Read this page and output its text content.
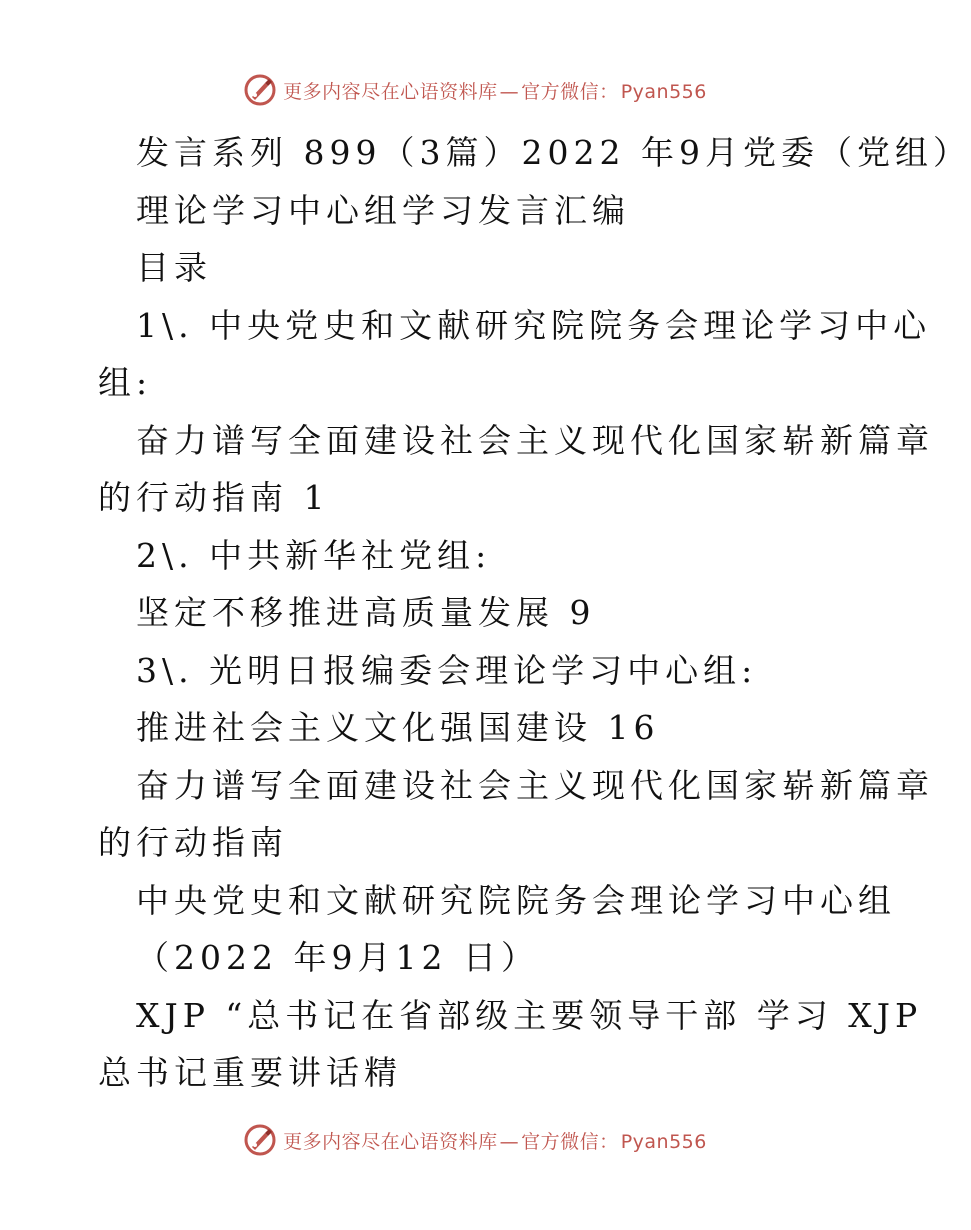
更多内容尽在心语资料库 — 官方微信： Pyan556
发言系列 899（3篇）2022 年9月党委（党组）
理论学习中心组学习发言汇编
目录
1\. 中央党史和文献研究院院务会理论学习中心
组:
奋力谱写全面建设社会主义现代化国家崭新篇章
的行动指南 1
2\. 中共新华社党组:
坚定不移推进高质量发展 9
3\. 光明日报编委会理论学习中心组:
推进社会主义文化强国建设 16
奋力谱写全面建设社会主义现代化国家崭新篇章
的行动指南
中央党史和文献研究院院务会理论学习中心组
（2022 年9月12 日）
XJP “总书记在省部级主要领导干部 学习 XJP
总书记重要讲话精
更多内容尽在心语资料库 — 官方微信： Pyan556
